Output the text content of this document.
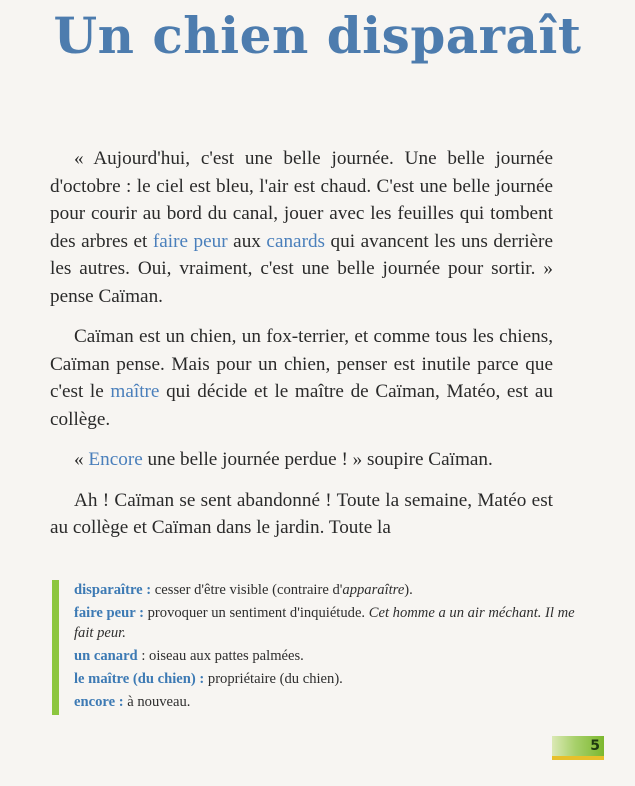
Un chien disparaît

« Aujourd'hui, c'est une belle journée. Une belle journée d'octobre : le ciel est bleu, l'air est chaud. C'est une belle journée pour courir au bord du canal, jouer avec les feuilles qui tombent des arbres et faire peur aux canards qui avancent les uns derrière les autres. Oui, vraiment, c'est une belle journée pour sortir. » pense Caïman.

Caïman est un chien, un fox-terrier, et comme tous les chiens, Caïman pense. Mais pour un chien, penser est inutile parce que c'est le maître qui décide et le maître de Caïman, Matéo, est au collège.

« Encore une belle journée perdue ! » soupire Caïman.

Ah ! Caïman se sent abandonné ! Toute la semaine, Matéo est au collège et Caïman dans le jardin. Toute la

disparaître : cesser d'être visible (contraire d'apparaître).
faire peur : provoquer un sentiment d'inquiétude. Cet homme a un air méchant. Il me fait peur.
un canard : oiseau aux pattes palmées.
le maître (du chien) : propriétaire (du chien).
encore : à nouveau.
5
